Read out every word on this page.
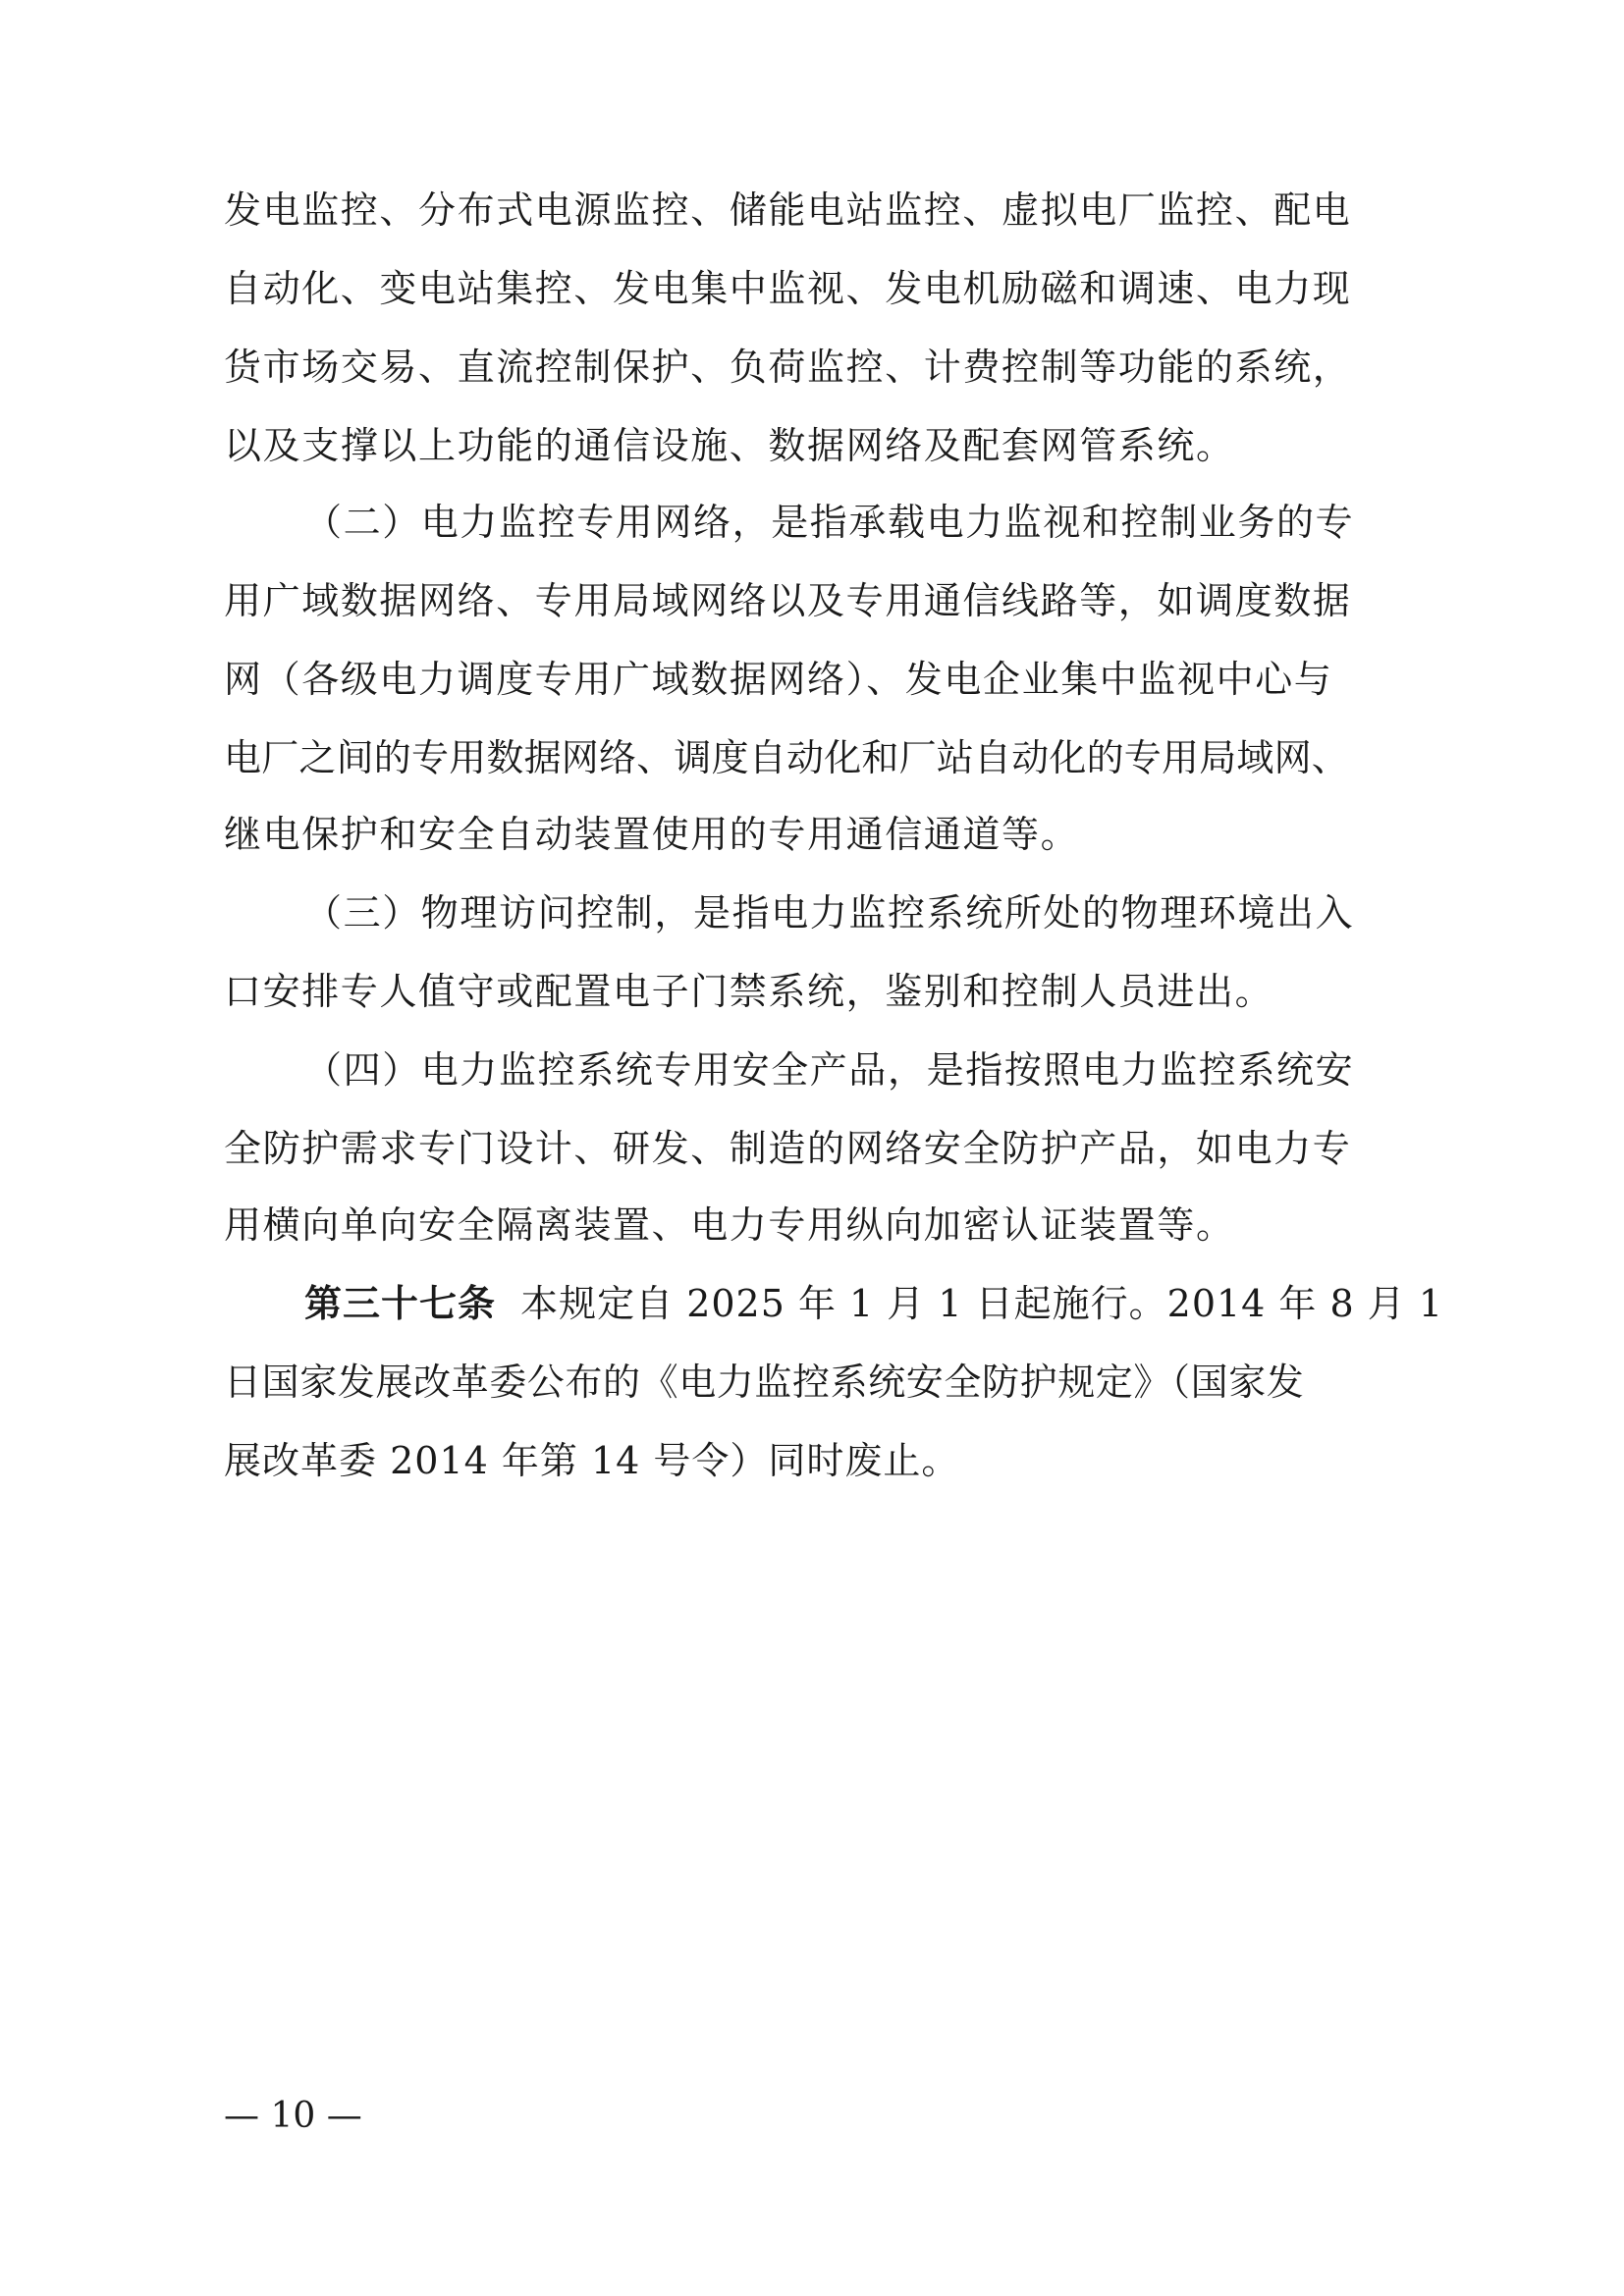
发电监控、分布式电源监控、储能电站监控、虚拟电厂监控、配电
自动化、变电站集控、发电集中监视、发电机励磁和调速、电力现
货市场交易、直流控制保护、负荷监控、计费控制等功能的系统，
以及支撑以上功能的通信设施、数据网络及配套网管系统。
（二）电力监控专用网络，是指承载电力监视和控制业务的专
用广域数据网络、专用局域网络以及专用通信线路等，如调度数据
网（各级电力调度专用广域数据网络）、发电企业集中监视中心与
电厂之间的专用数据网络、调度自动化和厂站自动化的专用局域网、
继电保护和安全自动装置使用的专用通信通道等。
（三）物理访问控制，是指电力监控系统所处的物理环境出入
口安排专人值守或配置电子门禁系统，鉴别和控制人员进出。
（四）电力监控系统专用安全产品，是指按照电力监控系统安
全防护需求专门设计、研发、制造的网络安全防护产品，如电力专
用横向单向安全隔离装置、电力专用纵向加密认证装置等。
第三十七条 本规定自 2025 年 1 月 1 日起施行。2014 年 8 月 1
日国家发展改革委公布的《电力监控系统安全防护规定》（国家发
展改革委 2014 年第 14 号令）同时废止。
— 10 —
